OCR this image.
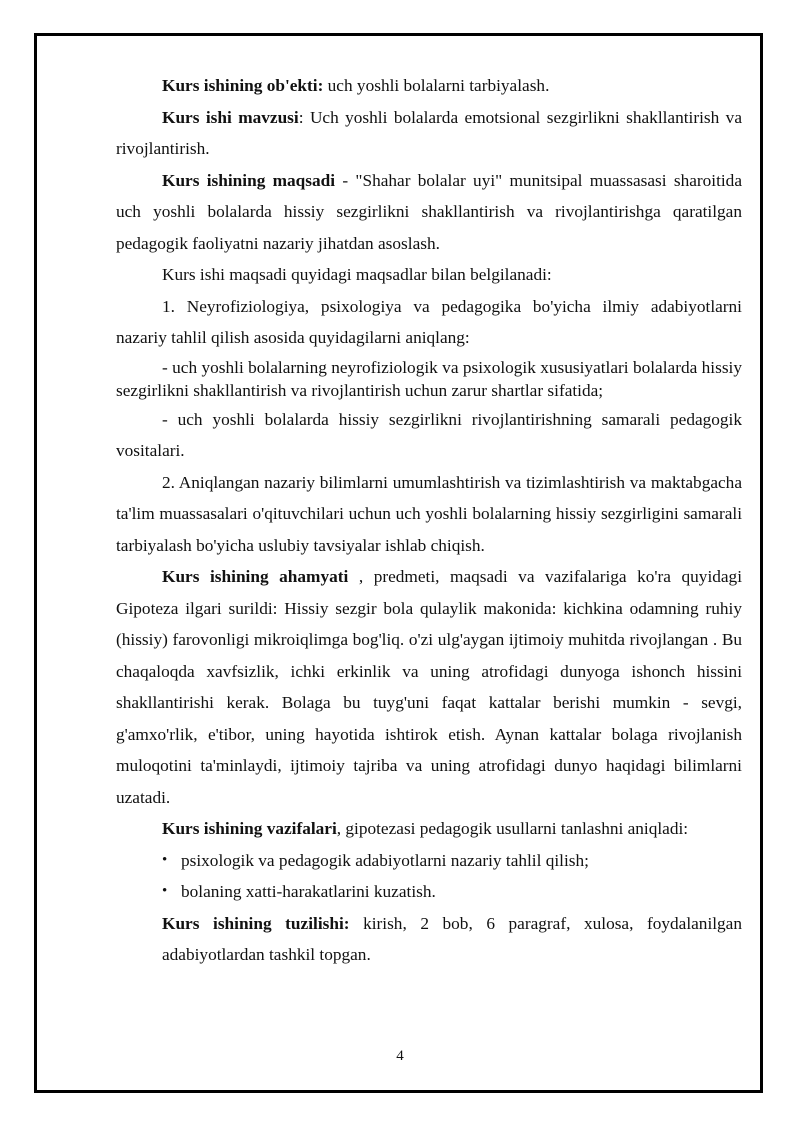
Kurs ishining ob'ekti: uch yoshli bolalarni tarbiyalash.

Kurs ishi mavzusi: Uch yoshli bolalarda emotsional sezgirlikni shakllantirish va rivojlantirish.

Kurs ishining maqsadi - "Shahar bolalar uyi" munitsipal muassasasi sharoitida uch yoshli bolalarda hissiy sezgirlikni shakllantirish va rivojlantirishga qaratilgan pedagogik faoliyatni nazariy jihatdan asoslash.

Kurs ishi maqsadi quyidagi maqsadlar bilan belgilanadi:

1. Neyrofiziologiya, psixologiya va pedagogika bo'yicha ilmiy adabiyotlarni nazariy tahlil qilish asosida quyidagilarni aniqlang:

- uch yoshli bolalarning neyrofiziologik va psixologik xususiyatlari bolalarda hissiy sezgirlikni shakllantirish va rivojlantirish uchun zarur shartlar sifatida;

- uch yoshli bolalarda hissiy sezgirlikni rivojlantirishning samarali pedagogik vositalari.

2. Aniqlangan nazariy bilimlarni umumlashtirish va tizimlashtirish va maktabgacha ta'lim muassasalari o'qituvchilari uchun uch yoshli bolalarning hissiy sezgirligini samarali tarbiyalash bo'yicha uslubiy tavsiyalar ishlab chiqish.

Kurs ishining ahamyati , predmeti, maqsadi va vazifalariga ko'ra quyidagi Gipoteza ilgari surildi: Hissiy sezgir bola qulaylik makonida: kichkina odamning ruhiy (hissiy) farovonligi mikroiqlimga bog'liq. o'zi ulg'aygan ijtimoiy muhitda rivojlangan . Bu chaqaloqda xavfsizlik, ichki erkinlik va uning atrofidagi dunyoga ishonch hissini shakllantirishi kerak. Bolaga bu tuyg'uni faqat kattalar berishi mumkin - sevgi, g'amxo'rlik, e'tibor, uning hayotida ishtirok etish. Aynan kattalar bolaga rivojlanish muloqotini ta'minlaydi, ijtimoiy tajriba va uning atrofidagi dunyo haqidagi bilimlarni uzatadi.

Kurs ishining vazifalari, gipotezasi pedagogik usullarni tanlashni aniqladi:

• psixologik va pedagogik adabiyotlarni nazariy tahlil qilish;
• bolaning xatti-harakatlarini kuzatish.

Kurs ishining tuzilishi: kirish, 2 bob, 6 paragraf, xulosa, foydalanilgan adabiyotlardan tashkil topgan.

4
